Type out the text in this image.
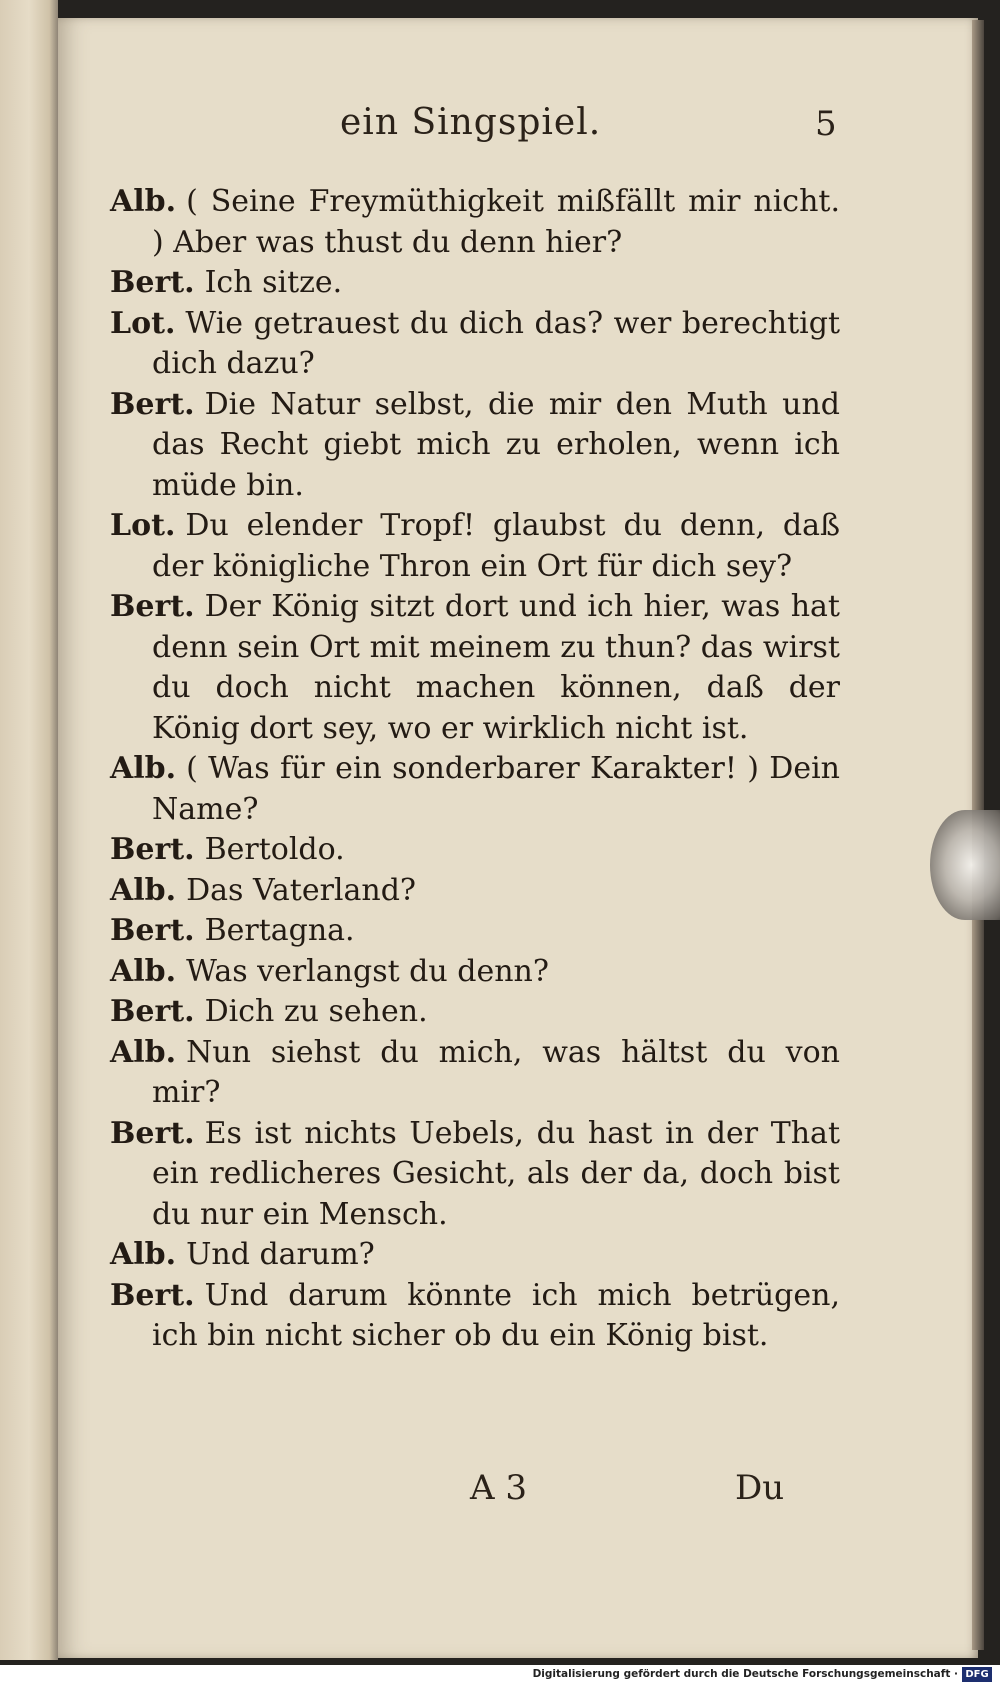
ein Singspiel.	5
Alb. ( Seine Freymüthigkeit mißfällt mir nicht. ) Aber was thust du denn hier?
Bert. Ich sitze.
Lot. Wie getrauest du dich das? wer berechtigt dich dazu?
Bert. Die Natur selbst, die mir den Muth und das Recht giebt mich zu erholen, wenn ich müde bin.
Lot. Du elender Tropf! glaubst du denn, daß der königliche Thron ein Ort für dich sey?
Bert. Der König sitzt dort und ich hier, was hat denn sein Ort mit meinem zu thun? das wirst du doch nicht machen können, daß der König dort sey, wo er wirklich nicht ist.
Alb. ( Was für ein sonderbarer Karakter! ) Dein Name?
Bert. Bertoldo.
Alb. Das Vaterland?
Bert. Bertagna.
Alb. Was verlangst du denn?
Bert. Dich zu sehen.
Alb. Nun siehst du mich, was hältst du von mir?
Bert. Es ist nichts Uebels, du hast in der That ein redlicheres Gesicht, als der da, doch bist du nur ein Mensch.
Alb. Und darum?
Bert. Und darum könnte ich mich betrügen, ich bin nicht sicher ob du ein König bist.
A 3	Du
Digitalisierung gefördert durch die Deutsche Forschungsgemeinschaft · DFG
